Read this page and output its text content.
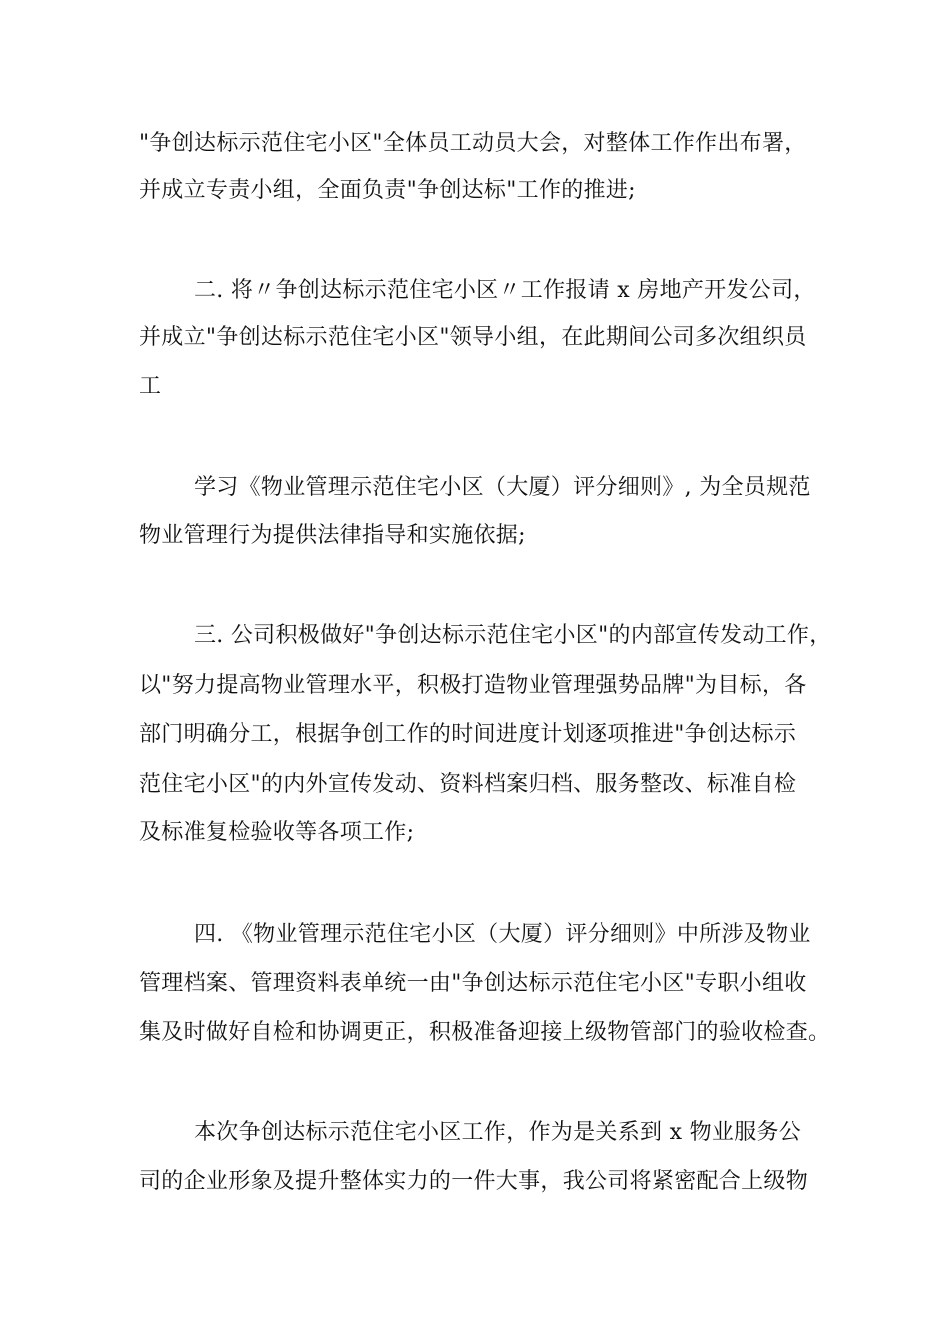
"争创达标示范住宅小区"全体员工动员大会，对整体工作作出布署，
并成立专责小组，全面负责"争创达标"工作的推进;
二. 将〃争创达标示范住宅小区〃工作报请 x 房地产开发公司，
并成立"争创达标示范住宅小区"领导小组，在此期间公司多次组织员
工
学习《物业管理示范住宅小区（大厦）评分细则》, 为全员规范
物业管理行为提供法律指导和实施依据;
三. 公司积极做好"争创达标示范住宅小区"的内部宣传发动工作，
以"努力提高物业管理水平，积极打造物业管理强势品牌"为目标，各
部门明确分工，根据争创工作的时间进度计划逐项推进"争创达标示
范住宅小区"的内外宣传发动、资料档案归档、服务整改、标准自检
及标准复检验收等各项工作;
四. 《物业管理示范住宅小区（大厦）评分细则》中所涉及物业
管理档案、管理资料表单统一由"争创达标示范住宅小区"专职小组收
集及时做好自检和协调更正，积极准备迎接上级物管部门的验收检查。
本次争创达标示范住宅小区工作，作为是关系到 x 物业服务公
司的企业形象及提升整体实力的一件大事，我公司将紧密配合上级物
